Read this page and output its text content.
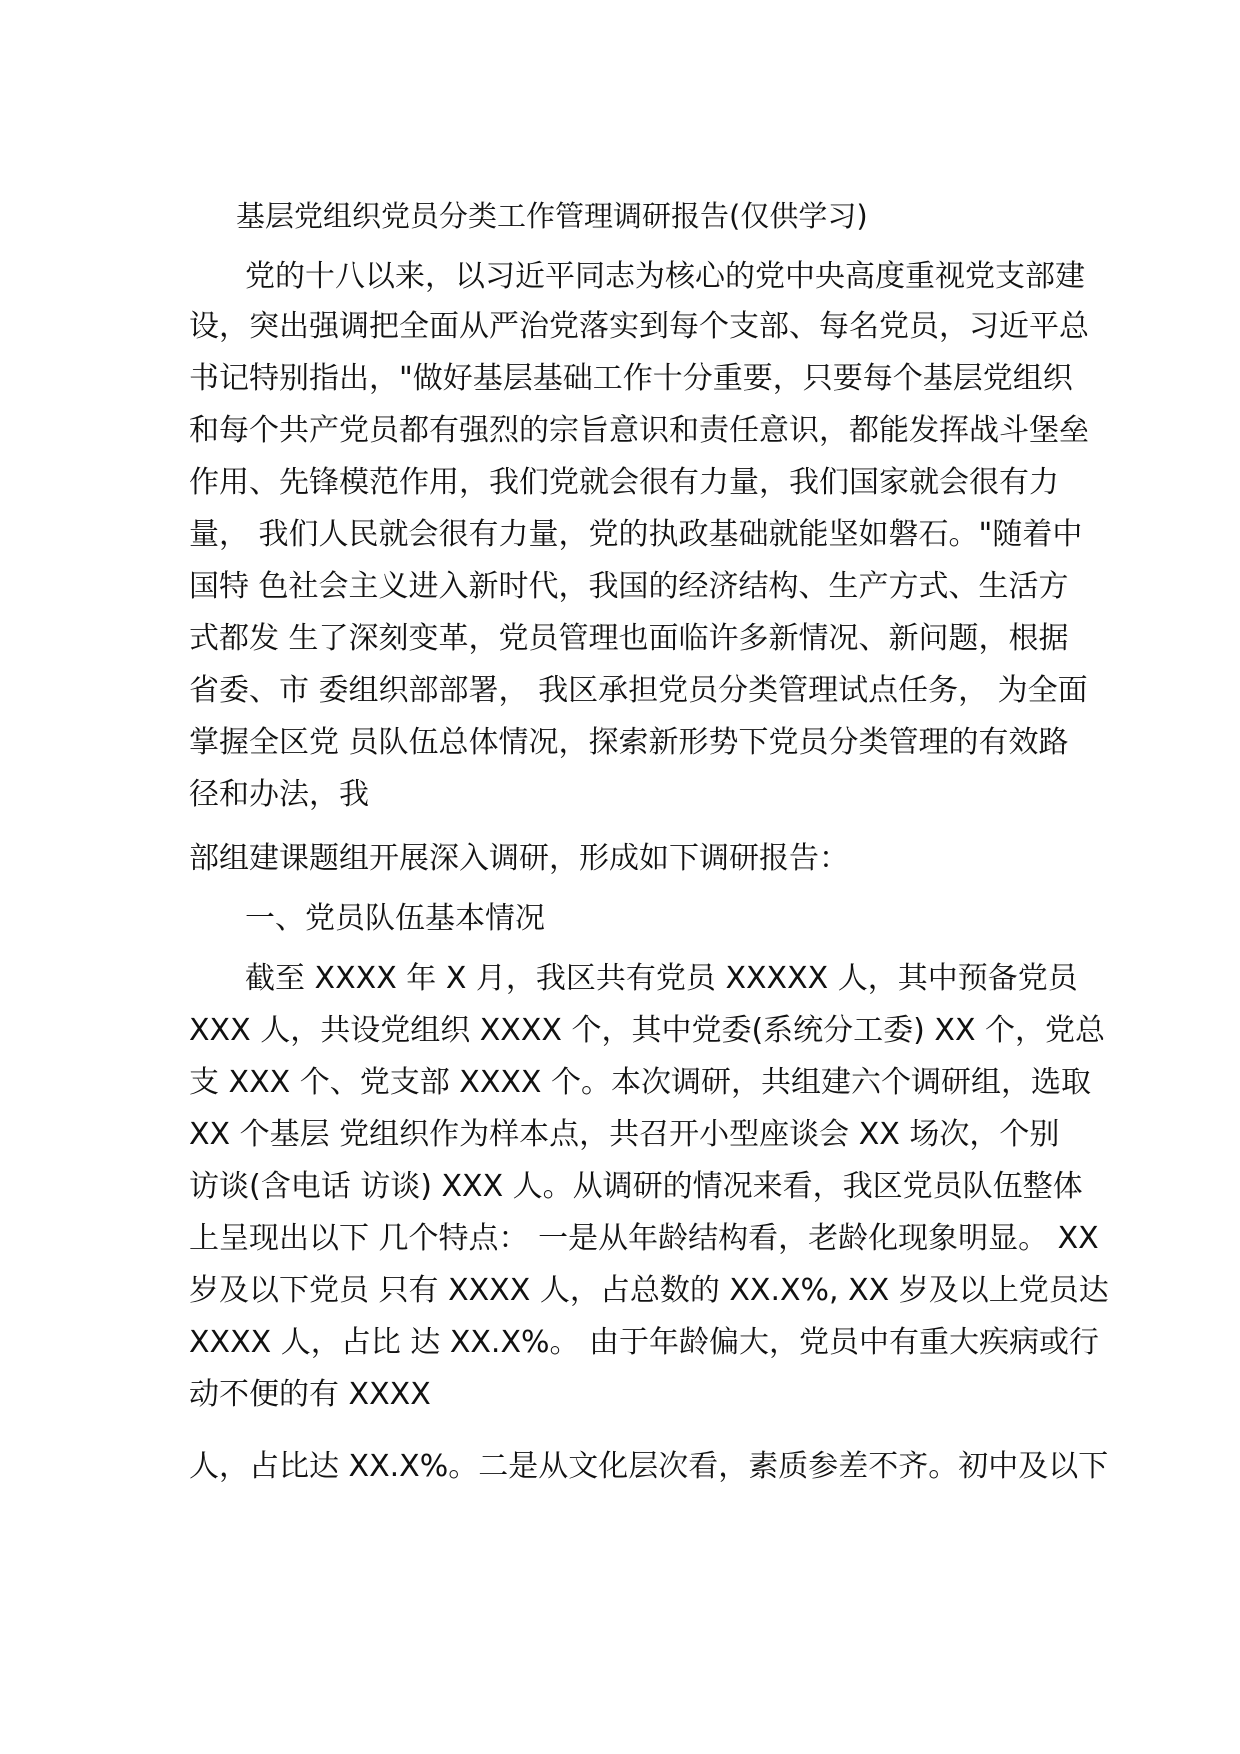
基层党组织党员分类工作管理调研报告(仅供学习)
党的十八以来，以习近平同志为核心的党中央高度重视党支部建
设，突出强调把全面从严治党落实到每个支部、每名党员，习近平总
书记特别指出，"做好基层基础工作十分重要，只要每个基层党组织
和每个共产党员都有强烈的宗旨意识和责任意识，都能发挥战斗堡垒
作用、先锋模范作用，我们党就会很有力量，我们国家就会很有力
量， 我们人民就会很有力量，党的执政基础就能坚如磐石。"随着中
国特 色社会主义进入新时代，我国的经济结构、生产方式、生活方
式都发 生了深刻变革，党员管理也面临许多新情况、新问题，根据
省委、市 委组织部部署， 我区承担党员分类管理试点任务， 为全面
掌握全区党 员队伍总体情况，探索新形势下党员分类管理的有效路
径和办法，我
部组建课题组开展深入调研，形成如下调研报告：
一、党员队伍基本情况
截至 XXXX 年 X 月，我区共有党员 XXXXX 人，其中预备党员
XXX 人，共设党组织 XXXX 个，其中党委(系统分工委) XX 个，党总
支 XXX 个、党支部 XXXX 个。本次调研，共组建六个调研组，选取
XX 个基层 党组织作为样本点，共召开小型座谈会 XX 场次，个别
访谈(含电话 访谈) XXX 人。从调研的情况来看，我区党员队伍整体
上呈现出以下 几个特点： 一是从年龄结构看，老龄化现象明显。 XX
岁及以下党员 只有 XXXX 人，占总数的 XX.X%, XX 岁及以上党员达
XXXX 人，占比 达 XX.X%。 由于年龄偏大，党员中有重大疾病或行
动不便的有 XXXX
人，占比达 XX.X%。二是从文化层次看，素质参差不齐。初中及以下
